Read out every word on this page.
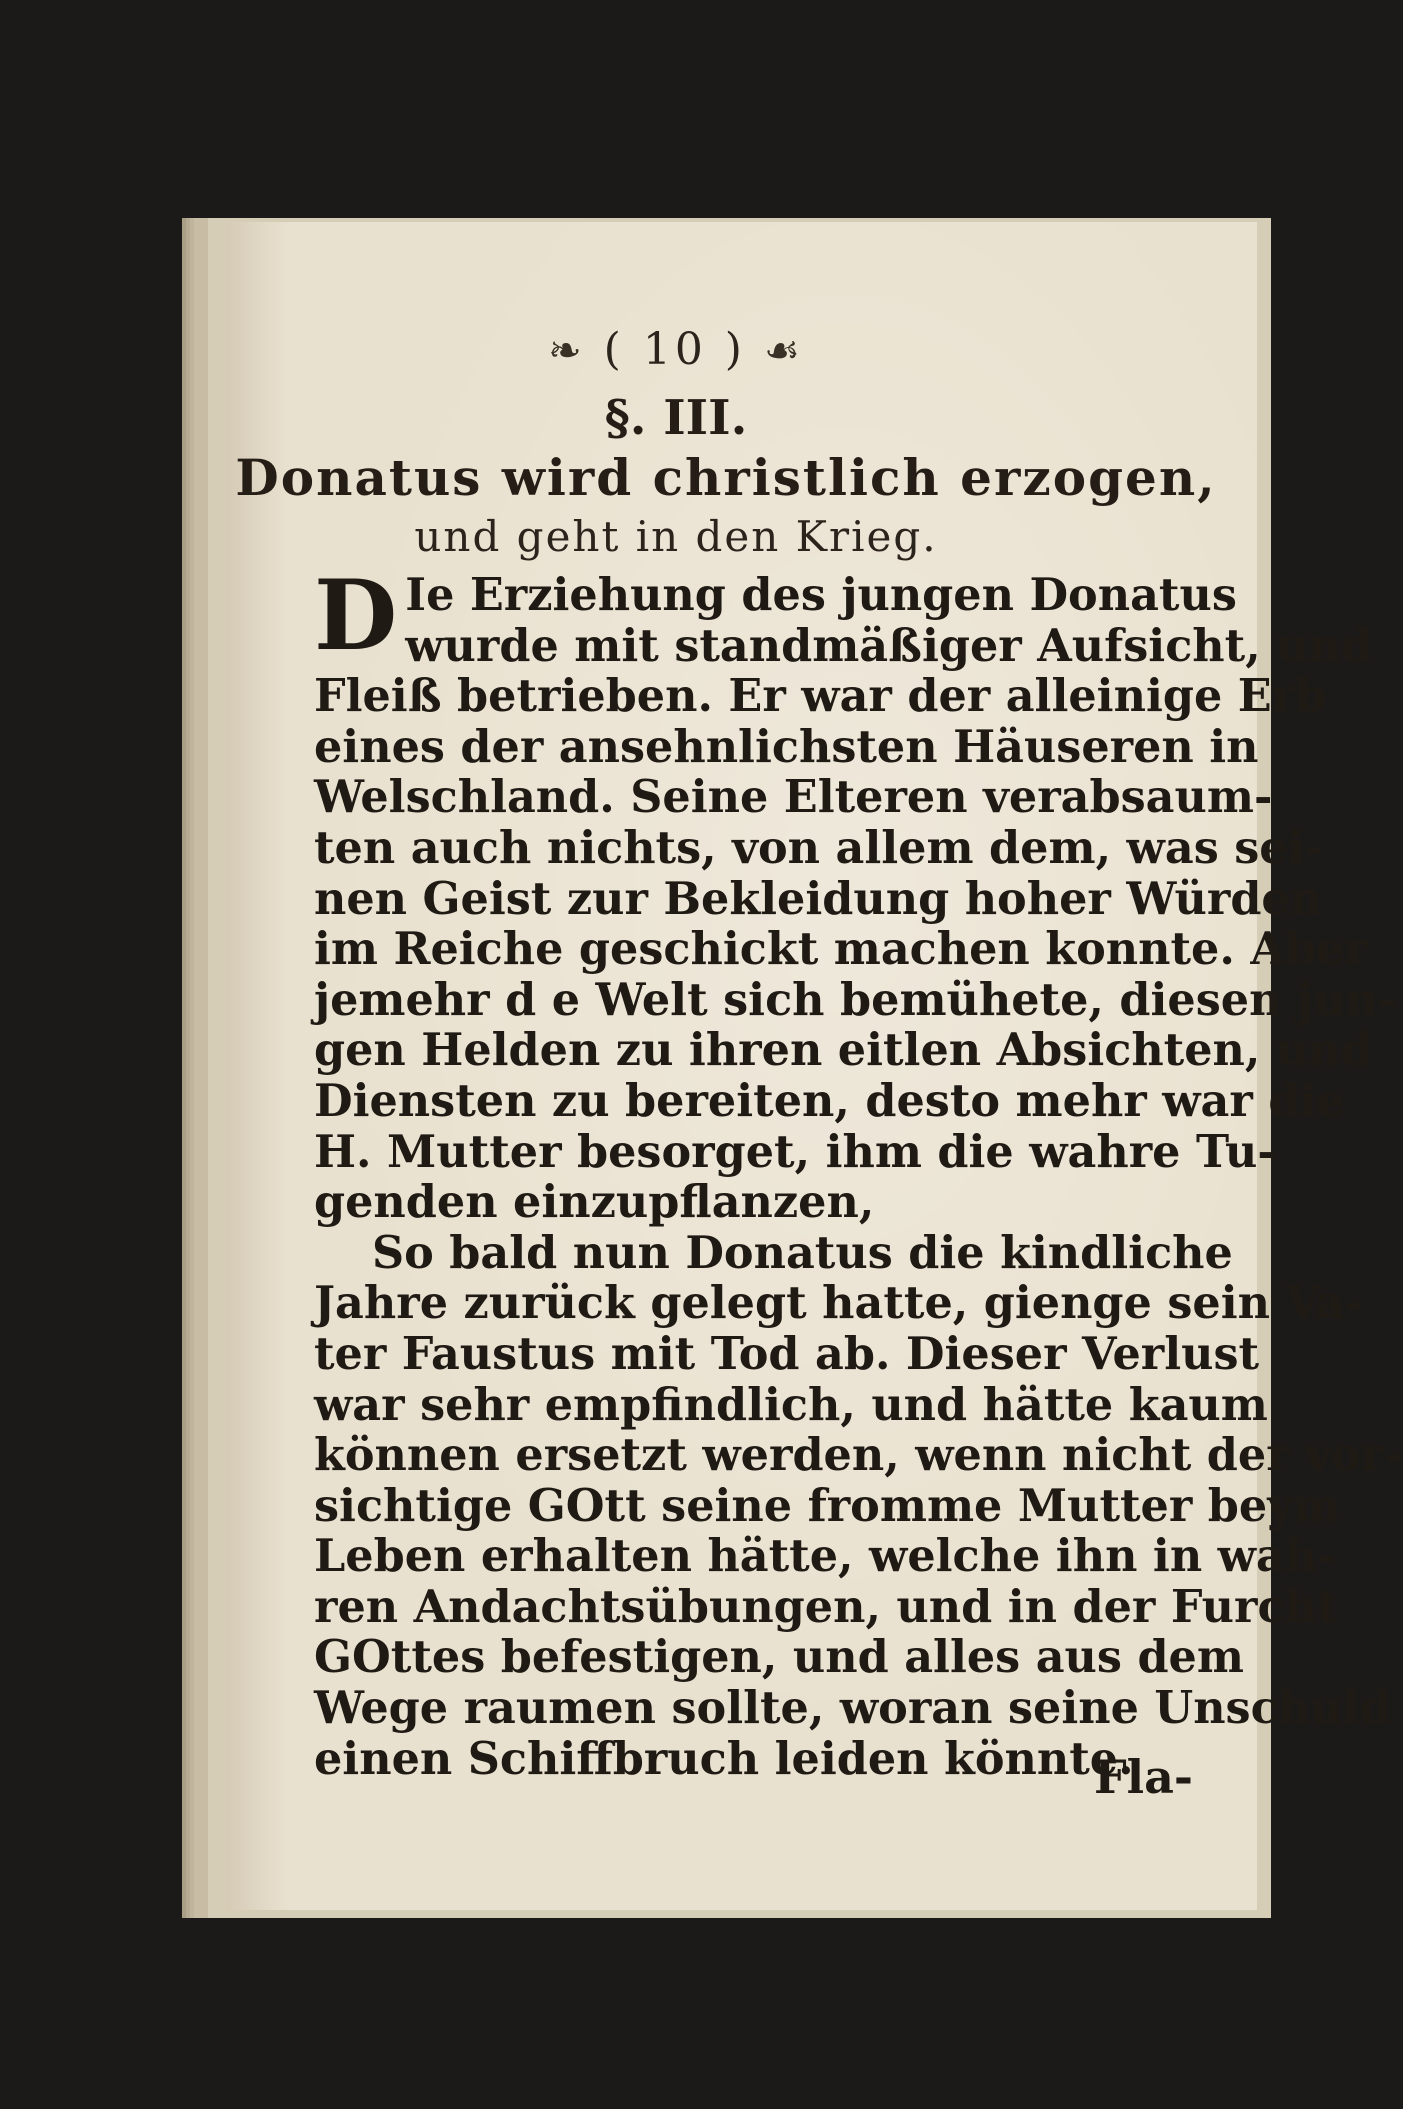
❧ ( 10 ) ☙
§. III.
Donatus wird christlich erzogen,
und geht in den Krieg.
D Ie Erziehung des jungen Donatus
wurde mit standmäßiger Aufsicht, und
Fleiß betrieben. Er war der alleinige Erb
eines der ansehnlichsten Häuseren in
Welschland. Seine Elteren verabsaum-
ten auch nichts, von allem dem, was sei-
nen Geist zur Bekleidung hoher Würden
im Reiche geschickt machen konnte. Aber
jemehr d e Welt sich bemühete, diesen jun-
gen Helden zu ihren eitlen Absichten, und
Diensten zu bereiten, desto mehr war die
H. Mutter besorget, ihm die wahre Tu-
genden einzupflanzen,
So bald nun Donatus die kindliche
Jahre zurück gelegt hatte, gienge sein Va-
ter Faustus mit Tod ab. Dieser Verlust
war sehr empfindlich, und hätte kaum
können ersetzt werden, wenn nicht der vor-
sichtige GOtt seine fromme Mutter beym
Leben erhalten hätte, welche ihn in wah-
ren Andachtsübungen, und in der Furcht
GOttes befestigen, und alles aus dem
Wege raumen sollte, woran seine Unschuld
einen Schiffbruch leiden könnte.
Fla-
